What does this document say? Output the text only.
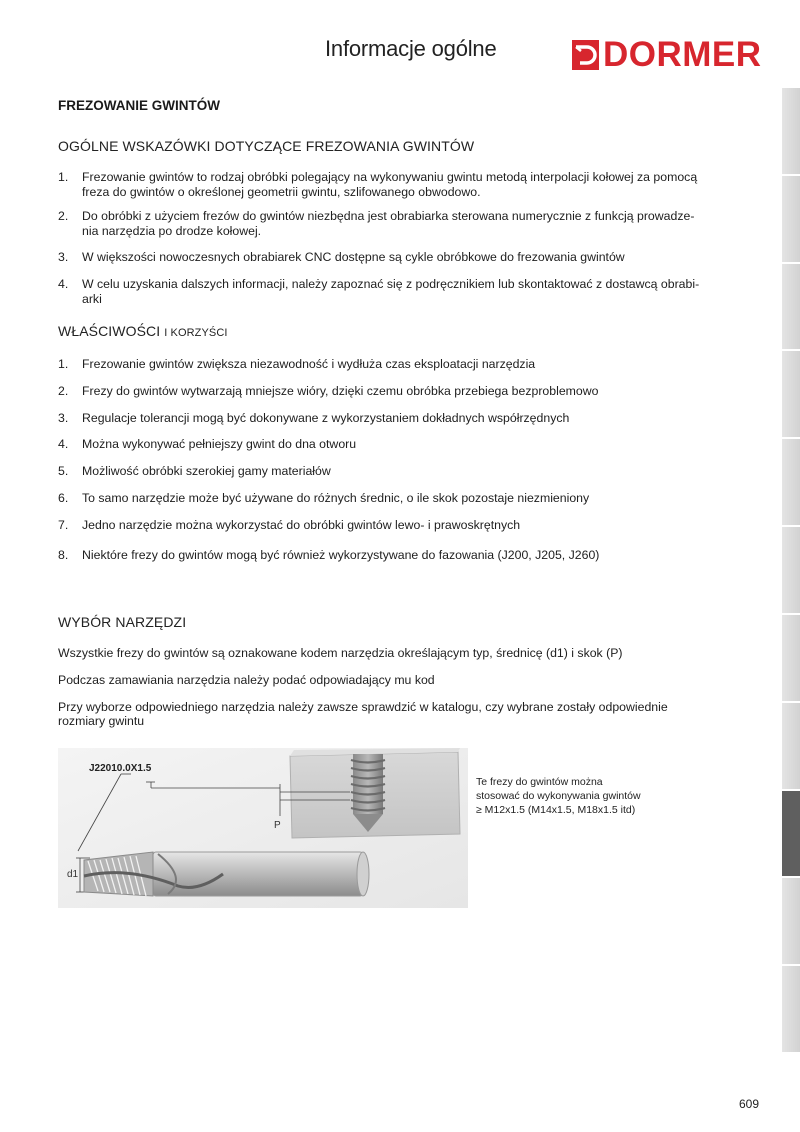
Informacje ogólne	DORMER
FREZOWANIE GWINTÓW
OGÓLNE WSKAZÓWKI DOTYCZĄCE FREZOWANIA GWINTÓW
1. Frezowanie gwintów to rodzaj obróbki polegający na wykonywaniu gwintu metodą interpolacji kołowej za pomocą
freza do gwintów o określonej geometrii gwintu, szlifowanego obwodowo.
2. Do obróbki z użyciem frezów do gwintów niezbędna jest obrabiarka sterowana numerycznie z funkcją prowadze-
nia narzędzia po drodze kołowej.
3. W większości nowoczesnych obrabiarek CNC dostępne są cykle obróbkowe do frezowania gwintów
4. W celu uzyskania dalszych informacji, należy zapoznać się z podręcznikiem lub skontaktować z dostawcą obrabi-
arki
WŁAŚCIWOŚCI I KORZYŚCI
1. Frezowanie gwintów zwiększa niezawodność i wydłuża czas eksploatacji narzędzia
2. Frezy do gwintów wytwarzają mniejsze wióry, dzięki czemu obróbka przebiega bezproblemowo
3. Regulacje tolerancji mogą być dokonywane z wykorzystaniem dokładnych współrzędnych
4. Można wykonywać pełniejszy gwint do dna otworu
5. Możliwość obróbki szerokiej gamy materiałów
6. To samo narzędzie może być używane do różnych średnic, o ile skok pozostaje niezmieniony
7. Jedno narzędzie można wykorzystać do obróbki gwintów lewo- i prawoskrętnych
8. Niektóre frezy do gwintów mogą być również wykorzystywane do fazowania (J200, J205, J260)
WYBÓR NARZĘDZI
Wszystkie frezy do gwintów są oznakowane kodem narzędzia określającym typ, średnicę (d1) i skok (P)
Podczas zamawiania narzędzia należy podać odpowiadający mu kod
Przy wyborze odpowiedniego narzędzia należy zawsze sprawdzić w katalogu, czy wybrane zostały odpowiednie
rozmiary gwintu
J22010.0X1.5
P
d1
Te frezy do gwintów można
stosować do wykonywania gwintów
≥ M12x1.5 (M14x1.5, M18x1.5 itd)
609
